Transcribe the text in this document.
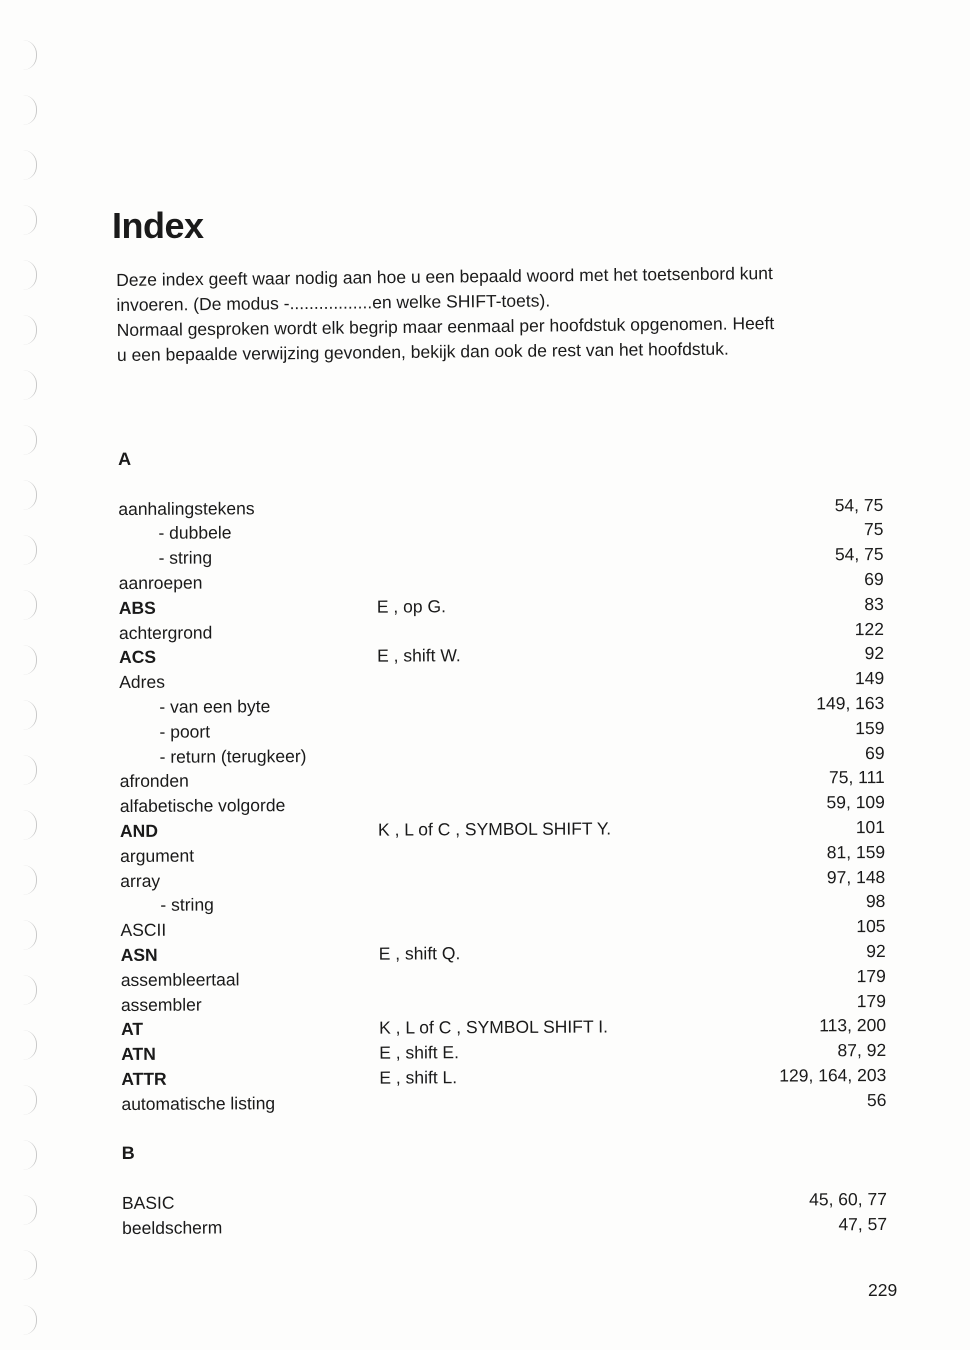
Index

Deze index geeft waar nodig aan hoe u een bepaald woord met het toetsenbord kunt

invoeren. (De modus -.................en welke SHIFT-toets).

Normaal gesproken wordt elk begrip maar eenmaal per hoofdstuk opgenomen. Heeft

u een bepaalde verwijzing gevonden, bekijk dan ook de rest van het hoofdstuk.

A
aanhalingstekens	54, 75
- dubbele	75
- string	54, 75
aanroepen	69
ABS	E , op G.	83
achtergrond	122
ACS	E , shift W.	92
Adres	149
- van een byte	149, 163
- poort	159
- return (terugkeer)	69
afronden	75, 111
alfabetische volgorde	59, 109
AND	K , L of C , SYMBOL SHIFT Y.	101
argument	81, 159
array	97, 148
- string	98
ASCII	105
ASN	E , shift Q.	92
assembleertaal	179
assembler	179
AT	K , L of C , SYMBOL SHIFT I.	113, 200
ATN	E , shift E.	87, 92
ATTR	E , shift L.	129, 164, 203
automatische listing	56
B
BASIC	45, 60, 77
beeldscherm	47, 57
229
